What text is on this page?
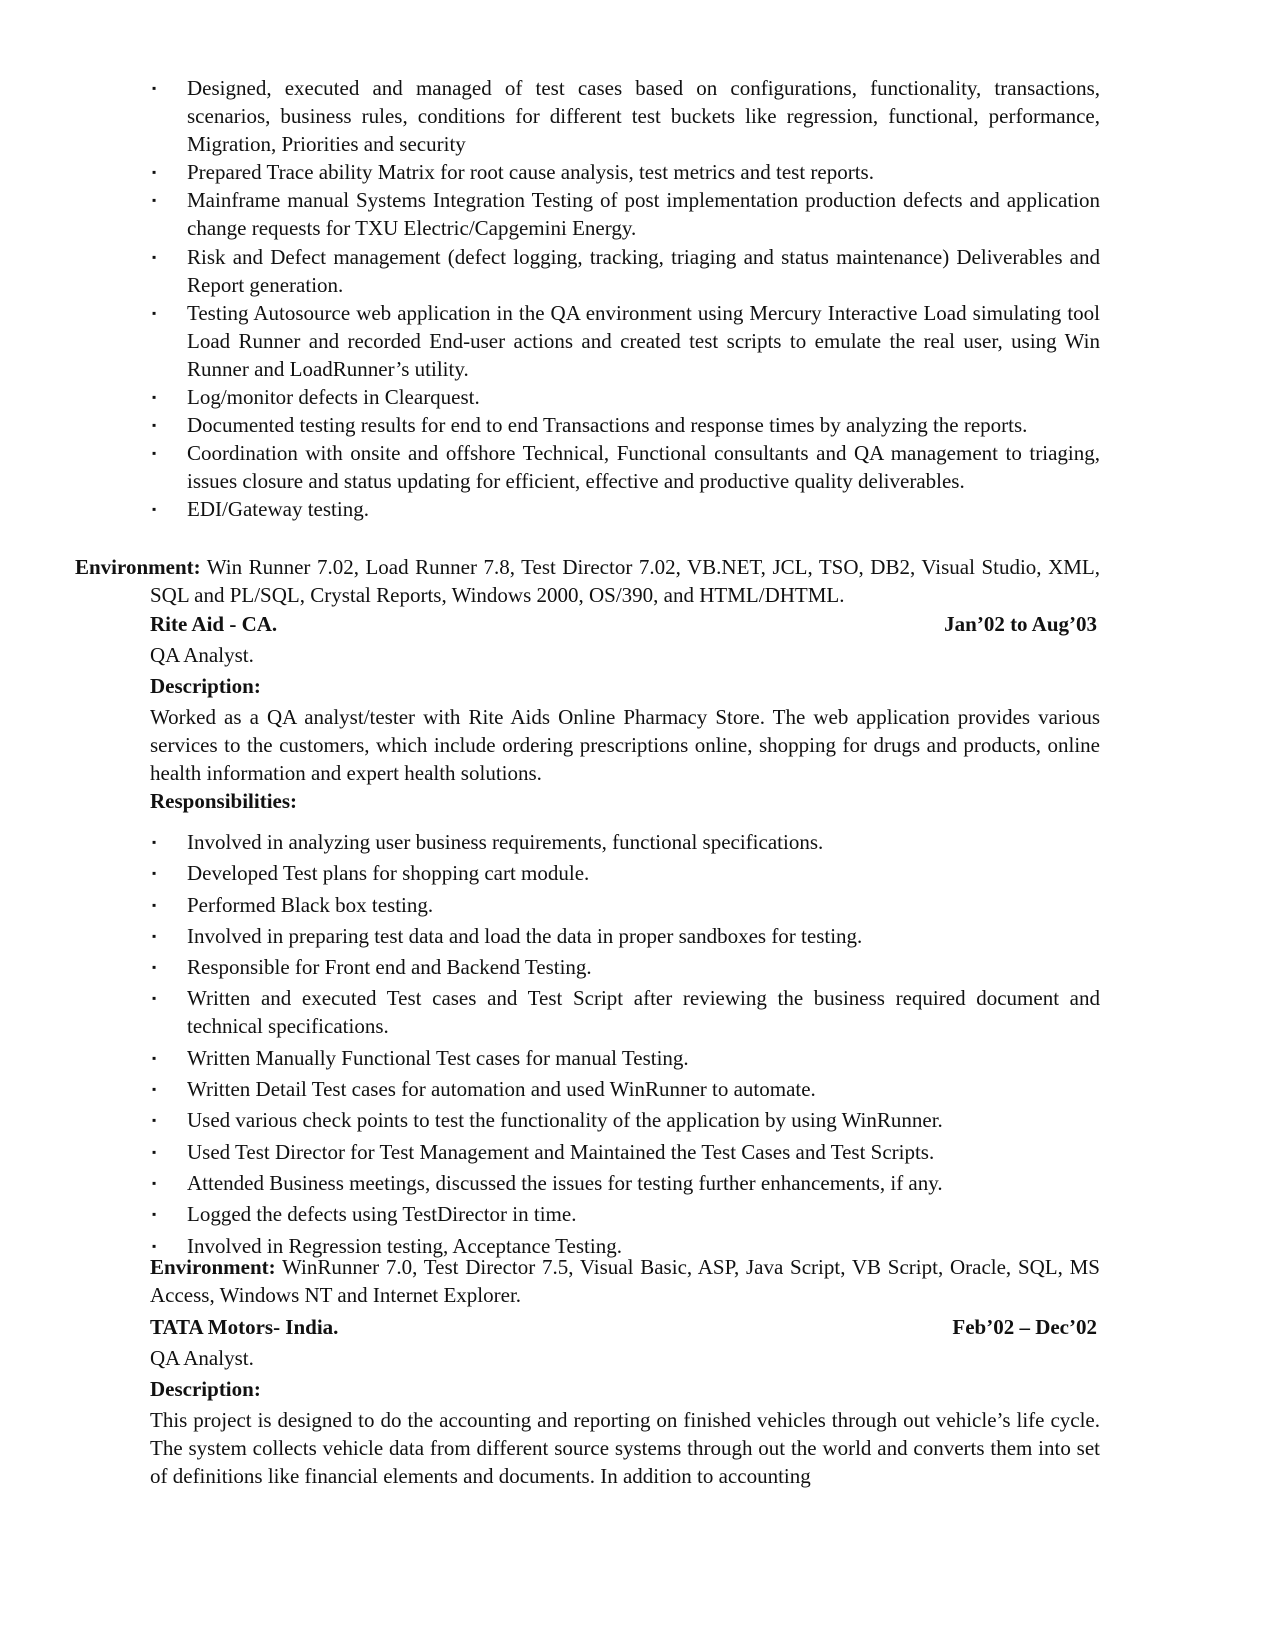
▪ Designed, executed and managed of test cases based on configurations, functionality, transactions, scenarios, business rules, conditions for different test buckets like regression, functional, performance, Migration, Priorities and security
▪ Prepared Trace ability Matrix for root cause analysis, test metrics and test reports.
▪ Mainframe manual Systems Integration Testing of post implementation production defects and application change requests for TXU Electric/Capgemini Energy.
▪ Risk and Defect management (defect logging, tracking, triaging and status maintenance) Deliverables and Report generation.
▪ Testing Autosource web application in the QA environment using Mercury Interactive Load simulating tool Load Runner and recorded End-user actions and created test scripts to emulate the real user, using Win Runner and LoadRunner’s utility.
▪ Log/monitor defects in Clearquest.
▪ Documented testing results for end to end Transactions and response times by analyzing the reports.
▪ Coordination with onsite and offshore Technical, Functional consultants and QA management to triaging, issues closure and status updating for efficient, effective and productive quality deliverables.
▪ EDI/Gateway testing.
Environment: Win Runner 7.02, Load Runner 7.8, Test Director 7.02, VB.NET, JCL, TSO, DB2, Visual Studio, XML, SQL and PL/SQL, Crystal Reports, Windows 2000, OS/390, and HTML/DHTML.
Rite Aid - CA.	Jan’02 to Aug’03
QA Analyst.
Description:
Worked as a QA analyst/tester with Rite Aids Online Pharmacy Store. The web application provides various services to the customers, which include ordering prescriptions online, shopping for drugs and products, online health information and expert health solutions.
Responsibilities:
▪ Involved in analyzing user business requirements, functional specifications.
▪ Developed Test plans for shopping cart module.
▪ Performed Black box testing.
▪ Involved in preparing test data and load the data in proper sandboxes for testing.
▪ Responsible for Front end and Backend Testing.
▪ Written and executed Test cases and Test Script after reviewing the business required document and technical specifications.
▪ Written Manually Functional Test cases for manual Testing.
▪ Written Detail Test cases for automation and used WinRunner to automate.
▪ Used various check points to test the functionality of the application by using WinRunner.
▪ Used Test Director for Test Management and Maintained the Test Cases and Test Scripts.
▪ Attended Business meetings, discussed the issues for testing further enhancements, if any.
▪ Logged the defects using TestDirector in time.
▪ Involved in Regression testing, Acceptance Testing.
Environment: WinRunner 7.0, Test Director 7.5, Visual Basic, ASP, Java Script, VB Script, Oracle, SQL, MS Access, Windows NT and Internet Explorer.
TATA Motors- India.	Feb’02 – Dec’02
QA Analyst.
Description:
This project is designed to do the accounting and reporting on finished vehicles through out vehicle’s life cycle. The system collects vehicle data from different source systems through out the world and converts them into set of definitions like financial elements and documents. In addition to accounting
